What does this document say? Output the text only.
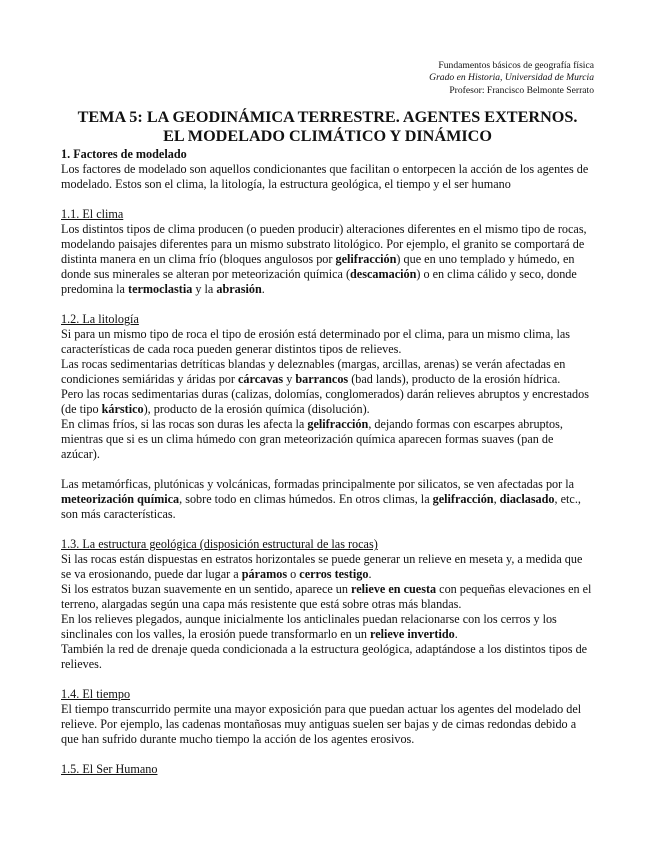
Fundamentos básicos de geografía física
Grado en Historia, Universidad de Murcia
Profesor: Francisco Belmonte Serrato
TEMA 5: LA GEODINÁMICA TERRESTRE. AGENTES EXTERNOS.
EL MODELADO CLIMÁTICO Y DINÁMICO
1. Factores de modelado

Los factores de modelado son aquellos condicionantes que facilitan o entorpecen la acción de los agentes de modelado. Estos son el clima, la litología, la estructura geológica, el tiempo y el ser humano

1.1. El clima

Los distintos tipos de clima producen (o pueden producir) alteraciones diferentes en el mismo tipo de rocas, modelando paisajes diferentes para un mismo substrato litológico. Por ejemplo, el granito se comportará de distinta manera en un clima frío (bloques angulosos por gelifracción) que en uno templado y húmedo, en donde sus minerales se alteran por meteorización química (descamación) o en clima cálido y seco, donde predomina la termoclastia y la abrasión.

1.2. La litología

Si para un mismo tipo de roca el tipo de erosión está determinado por el clima, para un mismo clima, las características de cada roca pueden generar distintos tipos de relieves.

Las rocas sedimentarias detríticas blandas y deleznables (margas, arcillas, arenas) se verán afectadas en condiciones semiáridas y áridas por cárcavas y barrancos (bad lands), producto de la erosión hídrica.

Pero las rocas sedimentarias duras (calizas, dolomías, conglomerados) darán relieves abruptos y encrestados (de tipo kárstico), producto de la erosión química (disolución).

En climas fríos, si las rocas son duras les afecta la gelifracción, dejando formas con escarpes abruptos, mientras que si es un clima húmedo con gran meteorización química aparecen formas suaves (pan de azúcar).

Las metamórficas, plutónicas y volcánicas, formadas principalmente por silicatos, se ven afectadas por la meteorización química, sobre todo en climas húmedos. En otros climas, la gelifracción, diaclasado, etc., son más características.

1.3. La estructura geológica (disposición estructural de las rocas)

Si las rocas están dispuestas en estratos horizontales se puede generar un relieve en meseta y, a medida que se va erosionando, puede dar lugar a páramos o cerros testigo.

Si los estratos buzan suavemente en un sentido, aparece un relieve en cuesta con pequeñas elevaciones en el terreno, alargadas según una capa más resistente que está sobre otras más blandas.

En los relieves plegados, aunque inicialmente los anticlinales puedan relacionarse con los cerros y los sinclinales con los valles, la erosión puede transformarlo en un relieve invertido.

También la red de drenaje queda condicionada a la estructura geológica, adaptándose a los distintos tipos de relieves.

1.4. El tiempo

El tiempo transcurrido permite una mayor exposición para que puedan actuar los agentes del modelado del relieve. Por ejemplo, las cadenas montañosas muy antiguas suelen ser bajas y de cimas redondas debido a que han sufrido durante mucho tiempo la acción de los agentes erosivos.

1.5. El Ser Humano
